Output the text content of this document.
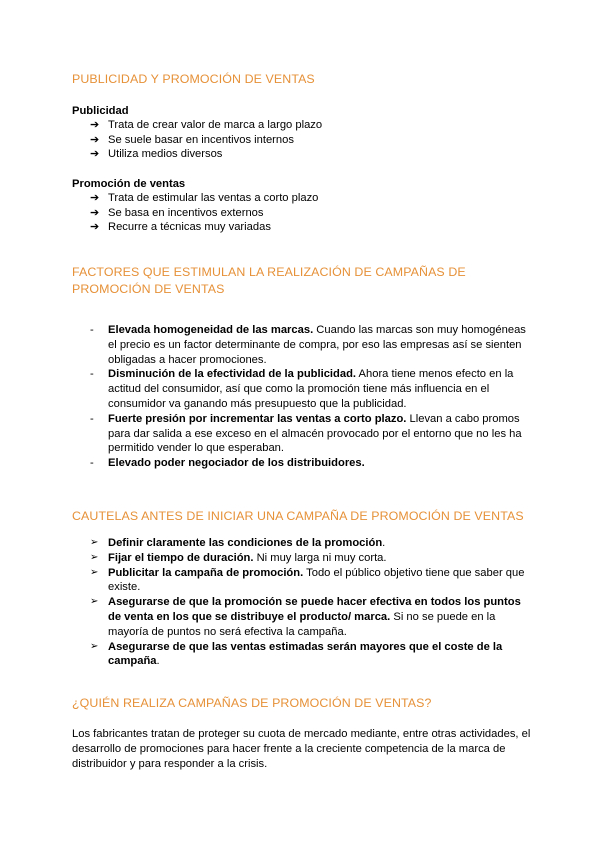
PUBLICIDAD Y PROMOCIÓN DE VENTAS
Publicidad
➔ Trata de crear valor de marca a largo plazo
➔ Se suele basar en incentivos internos
➔ Utiliza medios diversos
Promoción de ventas
➔ Trata de estimular las ventas a corto plazo
➔ Se basa en incentivos externos
➔ Recurre a técnicas muy variadas
FACTORES QUE ESTIMULAN LA REALIZACIÓN DE CAMPAÑAS DE PROMOCIÓN DE VENTAS
- Elevada homogeneidad de las marcas. Cuando las marcas son muy homogéneas el precio es un factor determinante de compra, por eso las empresas así se sienten obligadas a hacer promociones.
- Disminución de la efectividad de la publicidad. Ahora tiene menos efecto en la actitud del consumidor, así que como la promoción tiene más influencia en el consumidor va ganando más presupuesto que la publicidad.
- Fuerte presión por incrementar las ventas a corto plazo. Llevan a cabo promos para dar salida a ese exceso en el almacén provocado por el entorno que no les ha permitido vender lo que esperaban.
- Elevado poder negociador de los distribuidores.
CAUTELAS ANTES DE INICIAR UNA CAMPAÑA DE PROMOCIÓN DE VENTAS
➢ Definir claramente las condiciones de la promoción.
➢ Fijar el tiempo de duración. Ni muy larga ni muy corta.
➢ Publicitar la campaña de promoción. Todo el público objetivo tiene que saber que existe.
➢ Asegurarse de que la promoción se puede hacer efectiva en todos los puntos de venta en los que se distribuye el producto/ marca. Si no se puede en la mayoría de puntos no será efectiva la campaña.
➢ Asegurarse de que las ventas estimadas serán mayores que el coste de la campaña.
¿QUIÉN REALIZA CAMPAÑAS DE PROMOCIÓN DE VENTAS?
Los fabricantes tratan de proteger su cuota de mercado mediante, entre otras actividades, el desarrollo de promociones para hacer frente a la creciente competencia de la marca de distribuidor y para responder a la crisis.
